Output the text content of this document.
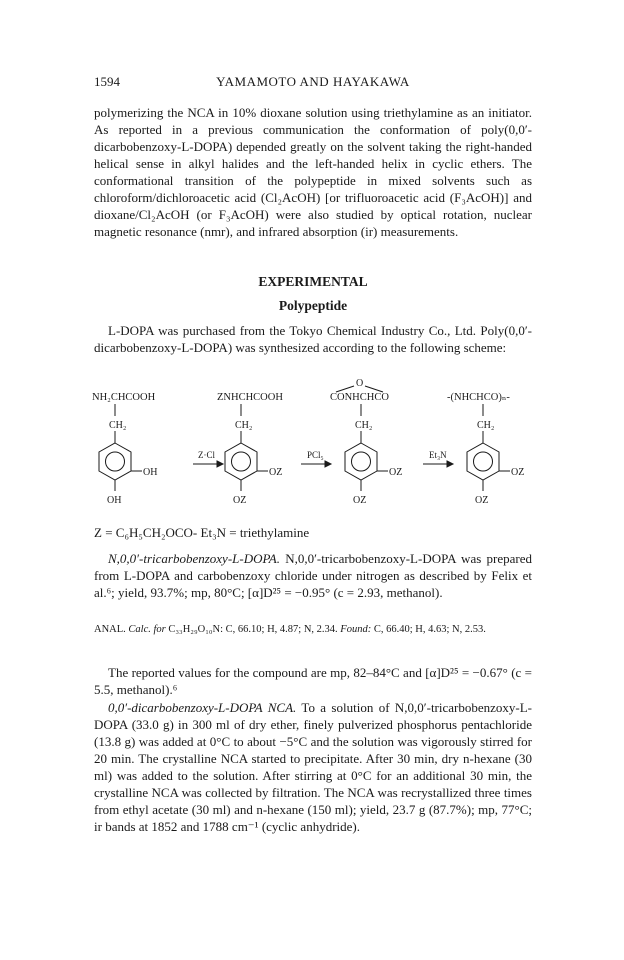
1594	YAMAMOTO AND HAYAKAWA

polymerizing the NCA in 10% dioxane solution using triethylamine as an initiator. As reported in a previous communication the conformation of poly(0,0′-dicarbobenzoxy-L-DOPA) depended greatly on the solvent taking the right-handed helical sense in alkyl halides and the left-handed helix in cyclic ethers. The conformational transition of the polypeptide in mixed solvents such as chloroform/dichloroacetic acid (Cl₂AcOH) [or trifluoroacetic acid (F₃AcOH)] and dioxane/Cl₂AcOH (or F₃AcOH) were also studied by optical rotation, nuclear magnetic resonance (nmr), and infrared absorption (ir) measurements.

EXPERIMENTAL
Polypeptide

L-DOPA was purchased from the Tokyo Chemical Industry Co., Ltd. Poly(0,0′-dicarbobenzoxy-L-DOPA) was synthesized according to the following scheme:

NH₂CHCOOH
CH₂
OH
OH
Z·Cl
ZNHCHCOOH
CH₂
OZ
OZ
PCl₅
O
CONHCHCO
CH₂
OZ
OZ
Et₃N
-(NHCHCO)ₙ-
CH₂
OZ
OZ

Z = C₆H₅CH₂OCO- Et₃N = triethylamine

N,0,0′-tricarbobenzoxy-L-DOPA. N,0,0′-tricarbobenzoxy-L-DOPA was prepared from L-DOPA and carbobenzoxy chloride under nitrogen as described by Felix et al.⁶; yield, 93.7%; mp, 80°C; [α]D²⁵ = −0.95° (c = 2.93, methanol).

ANAL. Calc. for C₃₃H₂₉O₁₀N: C, 66.10; H, 4.87; N, 2.34. Found: C, 66.40; H, 4.63; N, 2.53.

The reported values for the compound are mp, 82–84°C and [α]D²⁵ = −0.67° (c = 5.5, methanol).⁶

0,0′-dicarbobenzoxy-L-DOPA NCA. To a solution of N,0,0′-tricarbobenzoxy-L-DOPA (33.0 g) in 300 ml of dry ether, finely pulverized phosphorus pentachloride (13.8 g) was added at 0°C to about −5°C and the solution was vigorously stirred for 20 min. The crystalline NCA started to precipitate. After 30 min, dry n-hexane (30 ml) was added to the solution. After stirring at 0°C for an additional 30 min, the crystalline NCA was collected by filtration. The NCA was recrystallized three times from ethyl acetate (30 ml) and n-hexane (150 ml); yield, 23.7 g (87.7%); mp, 77°C; ir bands at 1852 and 1788 cm⁻¹ (cyclic anhydride).
